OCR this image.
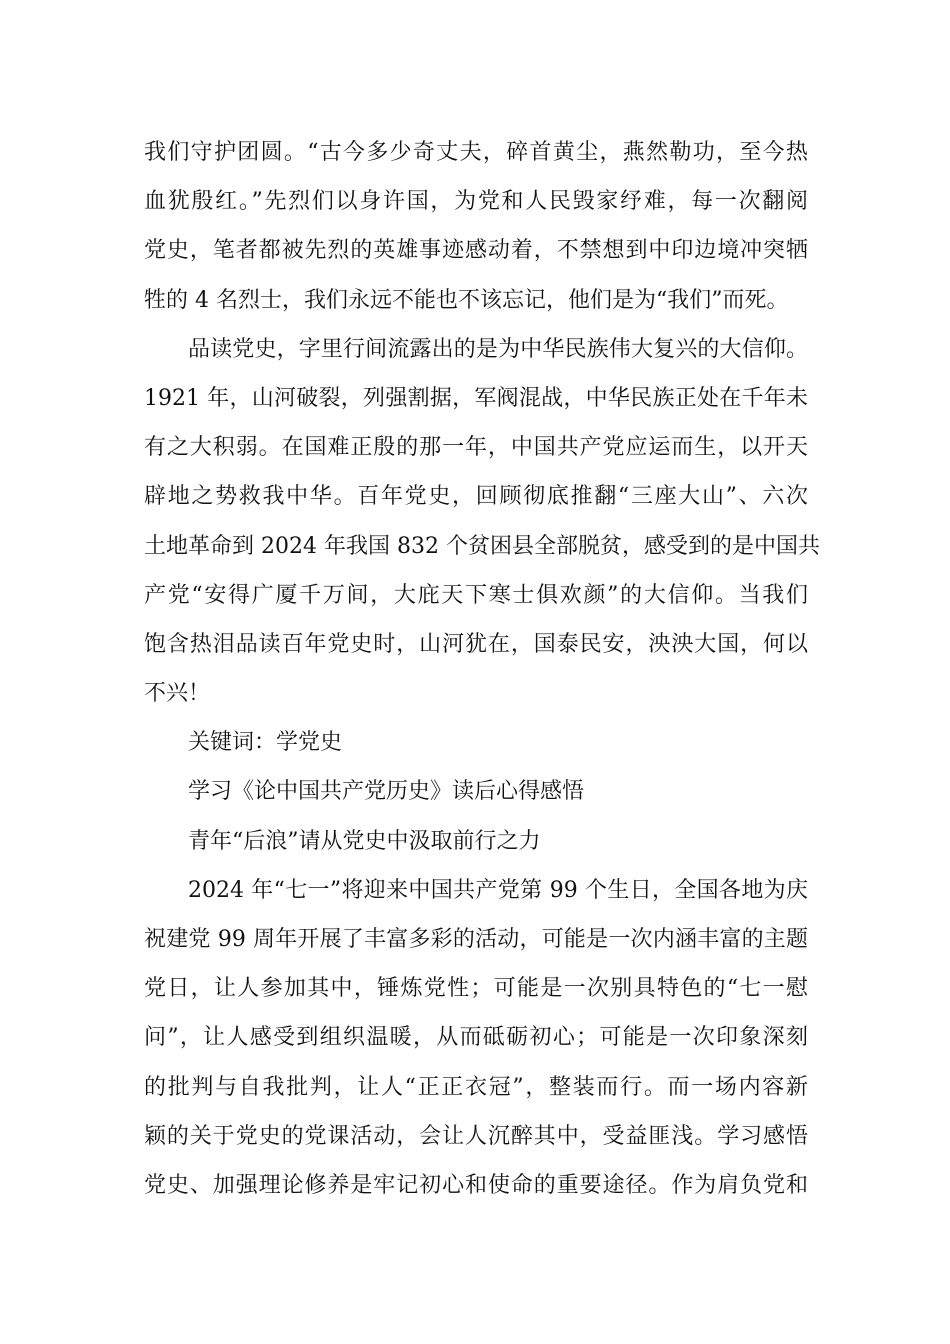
我们守护团圆。“古今多少奇丈夫，碎首黄尘，燕然勒功，至今热
血犹殷红。”先烈们以身许国，为党和人民毁家纾难，每一次翻阅
党史，笔者都被先烈的英雄事迹感动着，不禁想到中印边境冲突牺
牲的 4 名烈士，我们永远不能也不该忘记，他们是为“我们”而死。
品读党史，字里行间流露出的是为中华民族伟大复兴的大信仰。
1921 年，山河破裂，列强割据，军阀混战，中华民族正处在千年未
有之大积弱。在国难正殷的那一年，中国共产党应运而生，以开天
辟地之势救我中华。百年党史，回顾彻底推翻“三座大山”、六次
土地革命到 2024 年我国 832 个贫困县全部脱贫，感受到的是中国共
产党“安得广厦千万间，大庇天下寒士俱欢颜”的大信仰。当我们
饱含热泪品读百年党史时，山河犹在，国泰民安，泱泱大国，何以
不兴！
关键词：学党史
学习《论中国共产党历史》读后心得感悟
青年“后浪”请从党史中汲取前行之力
2024 年“七一”将迎来中国共产党第 99 个生日，全国各地为庆
祝建党 99 周年开展了丰富多彩的活动，可能是一次内涵丰富的主题
党日，让人参加其中，锤炼党性；可能是一次别具特色的“七一慰
问”，让人感受到组织温暖，从而砥砺初心；可能是一次印象深刻
的批判与自我批判，让人“正正衣冠”，整装而行。而一场内容新
颖的关于党史的党课活动，会让人沉醉其中，受益匪浅。学习感悟
党史、加强理论修养是牢记初心和使命的重要途径。作为肩负党和
